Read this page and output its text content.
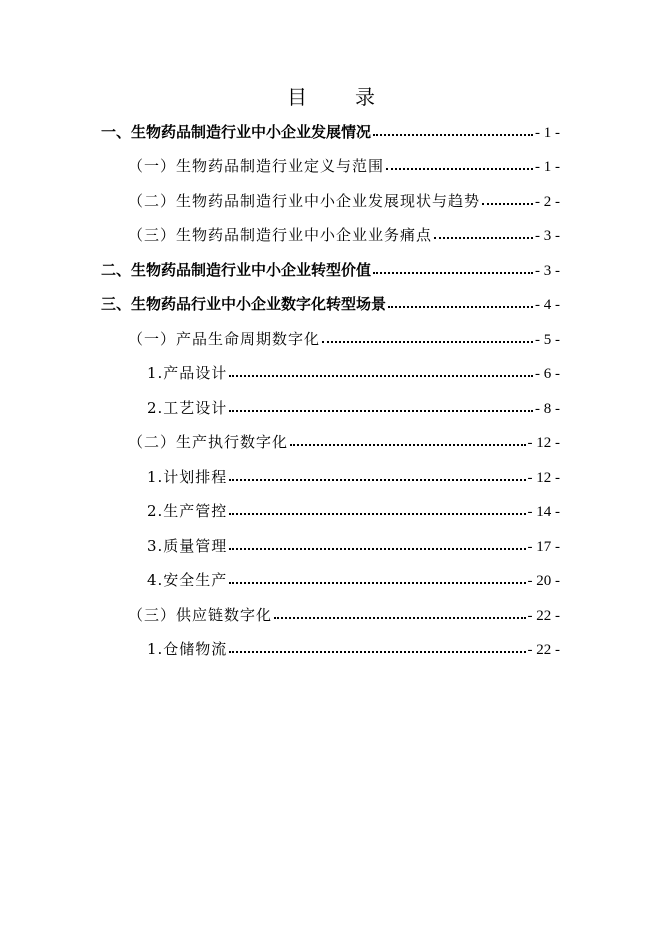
目　录
一、生物药品制造行业中小企业发展情况	- 1 -
（一）生物药品制造行业定义与范围	- 1 -
（二）生物药品制造行业中小企业发展现状与趋势	- 2 -
（三）生物药品制造行业中小企业业务痛点	- 3 -
二、生物药品制造行业中小企业转型价值	- 3 -
三、生物药品行业中小企业数字化转型场景	- 4 -
（一）产品生命周期数字化	- 5 -
1.产品设计	- 6 -
2.工艺设计	- 8 -
（二）生产执行数字化	- 12 -
1.计划排程	- 12 -
2.生产管控	- 14 -
3.质量管理	- 17 -
4.安全生产	- 20 -
（三）供应链数字化	- 22 -
1.仓储物流	- 22 -
